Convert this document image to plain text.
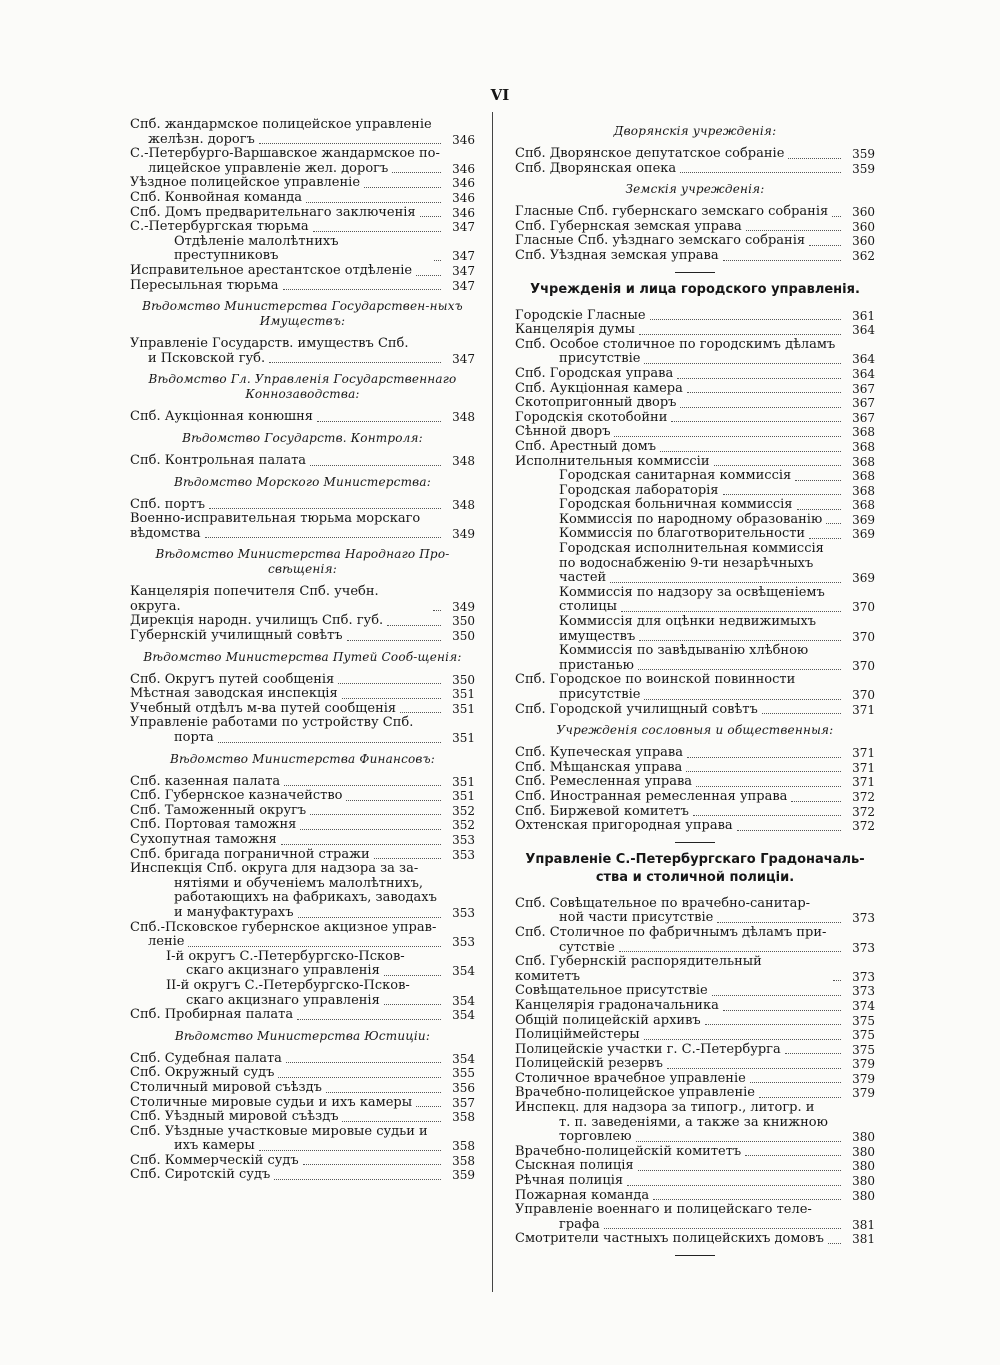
VI
Спб. жандармское полицейское управленіе
желѣзн. дорогъ	346
С.-Петербурго-Варшавское жандармское по-
лицейское управленіе жел. дорогъ	346
Уѣздное полицейское управленіе	346
Спб. Конвойная команда	346
Спб. Домъ предварительнаго заключенія	346
С.-Петербургская тюрьма	347
Отдѣленіе малолѣтнихъ преступниковъ	347
Исправительное арестантское отдѣленіе	347
Пересыльная тюрьма	347
Вѣдомство Министерства Государствен-ныхъ Имуществъ:
Управленіе Государств. имуществъ Спб.
и Псковской губ.	347
Вѣдомство Гл. Управленія Государственнаго Коннозаводства:
Спб. Аукціонная конюшня	348
Вѣдомство Государств. Контроля:
Спб. Контрольная палата	348
Вѣдомство Морского Министерства:
Спб. портъ	348
Военно-исправительная тюрьма морскаго
вѣдомства	349
Вѣдомство Министерства Народнаго Про-свѣщенія:
Канцелярія попечителя Спб. учебн. округа.	349
Дирекція народн. училищъ Спб. губ.	350
Губернскій училищный совѣтъ	350
Вѣдомство Министерства Путей Сооб-щенія:
Спб. Округъ путей сообщенія	350
Мѣстная заводская инспекція	351
Учебный отдѣлъ м-ва путей сообщенія	351
Управленіе работами по устройству Спб.
порта	351
Вѣдомство Министерства Финансовъ:
Спб. казенная палата	351
Спб. Губернское казначейство	351
Спб. Таможенный округъ	352
Спб. Портовая таможня	352
Сухопутная таможня	353
Спб. бригада пограничной стражи	353
Инспекція Спб. округа для надзора за за-
нятіями и обученіемъ малолѣтнихъ,
работающихъ на фабрикахъ, заводахъ
и мануфактурахъ	353
Спб.-Псковское губернское акцизное управ-
леніе	353
I-й округъ С.-Петербургско-Псков-
скаго акцизнаго управленія	354
II-й округъ С.-Петербургско-Псков-
скаго акцизнаго управленія	354
Спб. Пробирная палата	354
Вѣдомство Министерства Юстиціи:
Спб. Судебная палата	354
Спб. Окружный судъ	355
Столичный мировой съѣздъ	356
Столичные мировые судьи и ихъ камеры	357
Спб. Уѣздный мировой съѣздъ	358
Спб. Уѣздные участковые мировые судьи и
ихъ камеры	358
Спб. Коммерческій судъ	358
Спб. Сиротскій судъ	359
Дворянскія учрежденія:
Спб. Дворянское депутатское собраніе	359
Спб. Дворянская опека	359
Земскія учрежденія:
Гласные Спб. губернскаго земскаго собранія	360
Спб. Губернская земская управа	360
Гласные Спб. уѣзднаго земскаго собранія	360
Спб. Уѣздная земская управа	362
Учрежденія и лица городского управленія.
Городскіе Гласные	361
Канцелярія думы	364
Спб. Особое столичное по городскимъ дѣламъ
присутствіе	364
Спб. Городская управа	364
Спб. Аукціонная камера	367
Скотопригонный дворъ	367
Городскія скотобойни	367
Сѣнной дворъ	368
Спб. Арестный домъ	368
Исполнительныя коммиссіи	368
Городская санитарная коммиссія	368
Городская лабораторія	368
Городская больничная коммиссія	368
Коммиссія по народному образованію	369
Коммиссія по благотворительности	369
Городская исполнительная коммиссія
по водоснабженію 9-ти незарѣчныхъ
частей	369
Коммиссія по надзору за освѣщеніемъ
столицы	370
Коммиссія для оцѣнки недвижимыхъ
имуществъ	370
Коммиссія по завѣдыванію хлѣбною
пристанью	370
Спб. Городское по воинской повинности
присутствіе	370
Спб. Городской училищный совѣтъ	371
Учрежденія сословныя и общественныя:
Спб. Купеческая управа	371
Спб. Мѣщанская управа	371
Спб. Ремесленная управа	371
Спб. Иностранная ремесленная управа	372
Спб. Биржевой комитетъ	372
Охтенская пригородная управа	372
Управленіе С.-Петербургскаго Градоначаль-ства и столичной полиціи.
Спб. Совѣщательное по врачебно-санитар-
ной части присутствіе	373
Спб. Столичное по фабричнымъ дѣламъ при-
сутствіе	373
Спб. Губернскій распорядительный комитетъ	373
Совѣщательное присутствіе	373
Канцелярія градоначальника	374
Общій полицейскій архивъ	375
Полиціймейстеры	375
Полицейскіе участки г. С.-Петербурга	375
Полицейскій резервъ	379
Столичное врачебное управленіе	379
Врачебно-полицейское управленіе	379
Инспекц. для надзора за типогр., литогр. и
т. п. заведеніями, а также за книжною
торговлею	380
Врачебно-полицейскій комитетъ	380
Сыскная полиція	380
Рѣчная полиція	380
Пожарная команда	380
Управленіе военнаго и полицейскаго теле-
графа	381
Смотрители частныхъ полицейскихъ домовъ	381
